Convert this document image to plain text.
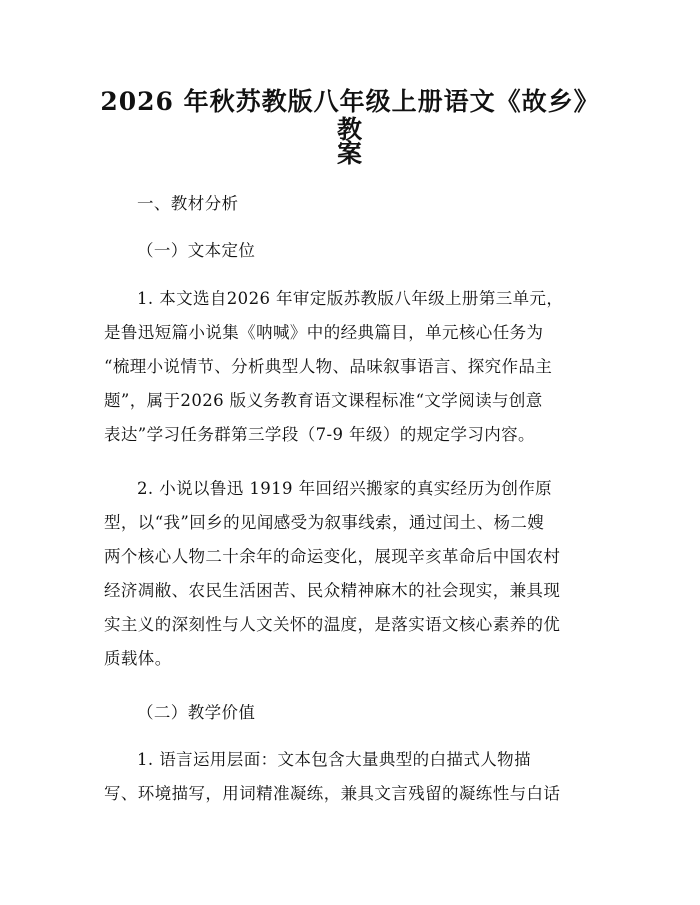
2026 年秋苏教版八年级上册语文《故乡》教
案
一、教材分析
（一）文本定位
1. 本文选自2026 年审定版苏教版八年级上册第三单元，
是鲁迅短篇小说集《呐喊》中的经典篇目，单元核心任务为
“梳理小说情节、分析典型人物、品味叙事语言、探究作品主
题”，属于2026 版义务教育语文课程标准“文学阅读与创意
表达”学习任务群第三学段（7-9 年级）的规定学习内容。
2. 小说以鲁迅 1919 年回绍兴搬家的真实经历为创作原
型，以“我”回乡的见闻感受为叙事线索，通过闰土、杨二嫂
两个核心人物二十余年的命运变化，展现辛亥革命后中国农村
经济凋敝、农民生活困苦、民众精神麻木的社会现实，兼具现
实主义的深刻性与人文关怀的温度，是落实语文核心素养的优
质载体。
（二）教学价值
1. 语言运用层面：文本包含大量典型的白描式人物描
写、环境描写，用词精准凝练，兼具文言残留的凝练性与白话
